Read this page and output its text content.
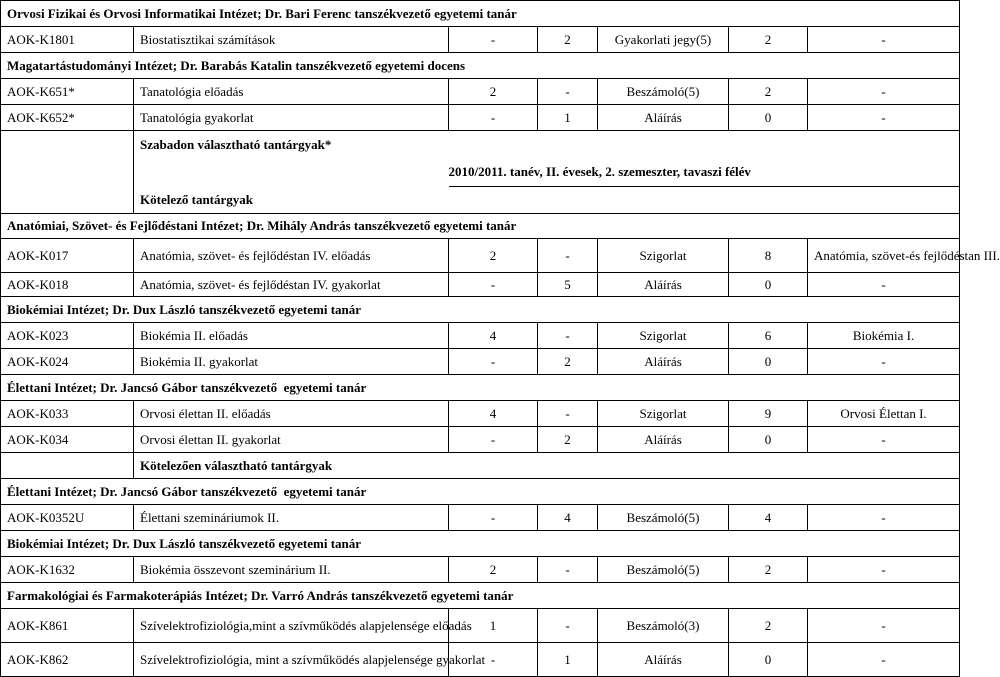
Orvosi Fizikai és Orvosi Informatikai Intézet; Dr. Bari Ferenc tanszékvezető egyetemi tanár						
AOK-K1801	Biostatisztikai számítások	-	2	Gyakorlati jegy(5)	2	-
Magatartástudományi Intézet; Dr. Barabás Katalin tanszékvezető egyetemi docens						
AOK-K651*	Tanatológia előadás	2	-	Beszámoló(5)	2	-
AOK-K652*	Tanatológia gyakorlat	-	1	Aláírás	0	-
	Szabadon választható tantárgyak*					
		2010/2011. tanév, II. évesek, 2. szemeszter, tavaszi félév				
	Kötelező tantárgyak					
Anatómiai, Szövet- és Fejlődéstani Intézet; Dr. Mihály András tanszékvezető egyetemi tanár						
AOK-K017	Anatómia, szövet- és fejlődéstan IV. előadás	2	-	Szigorlat	8	Anatómia, szövet-és fejlődéstan III.
AOK-K018	Anatómia, szövet- és fejlődéstan IV. gyakorlat	-	5	Aláírás	0	-
Biokémiai Intézet; Dr. Dux László tanszékvezető egyetemi tanár						
AOK-K023	Biokémia II. előadás	4	-	Szigorlat	6	Biokémia I.
AOK-K024	Biokémia II. gyakorlat	-	2	Aláírás	0	-
Élettani Intézet; Dr. Jancsó Gábor tanszékvezető  egyetemi tanár						
AOK-K033	Orvosi élettan II. előadás	4	-	Szigorlat	9	Orvosi Élettan I.
AOK-K034	Orvosi élettan II. gyakorlat	-	2	Aláírás	0	-
	Kötelezően választható tantárgyak					
Élettani Intézet; Dr. Jancsó Gábor tanszékvezető  egyetemi tanár						
AOK-K0352U	Élettani szemináriumok II.	-	4	Beszámoló(5)	4	-
Biokémiai Intézet; Dr. Dux László tanszékvezető egyetemi tanár						
AOK-K1632	Biokémia összevont szeminárium II.	2	-	Beszámoló(5)	2	-
Farmakológiai és Farmakoterápiás Intézet; Dr. Varró András tanszékvezető egyetemi tanár						
AOK-K861	Szívelektrofiziológia,mint a szívműködés alapjelensége előadás	1	-	Beszámoló(3)	2	-
AOK-K862	Szívelektrofiziológia, mint a szívműködés alapjelensége gyakorlat	-	1	Aláírás	0	-
